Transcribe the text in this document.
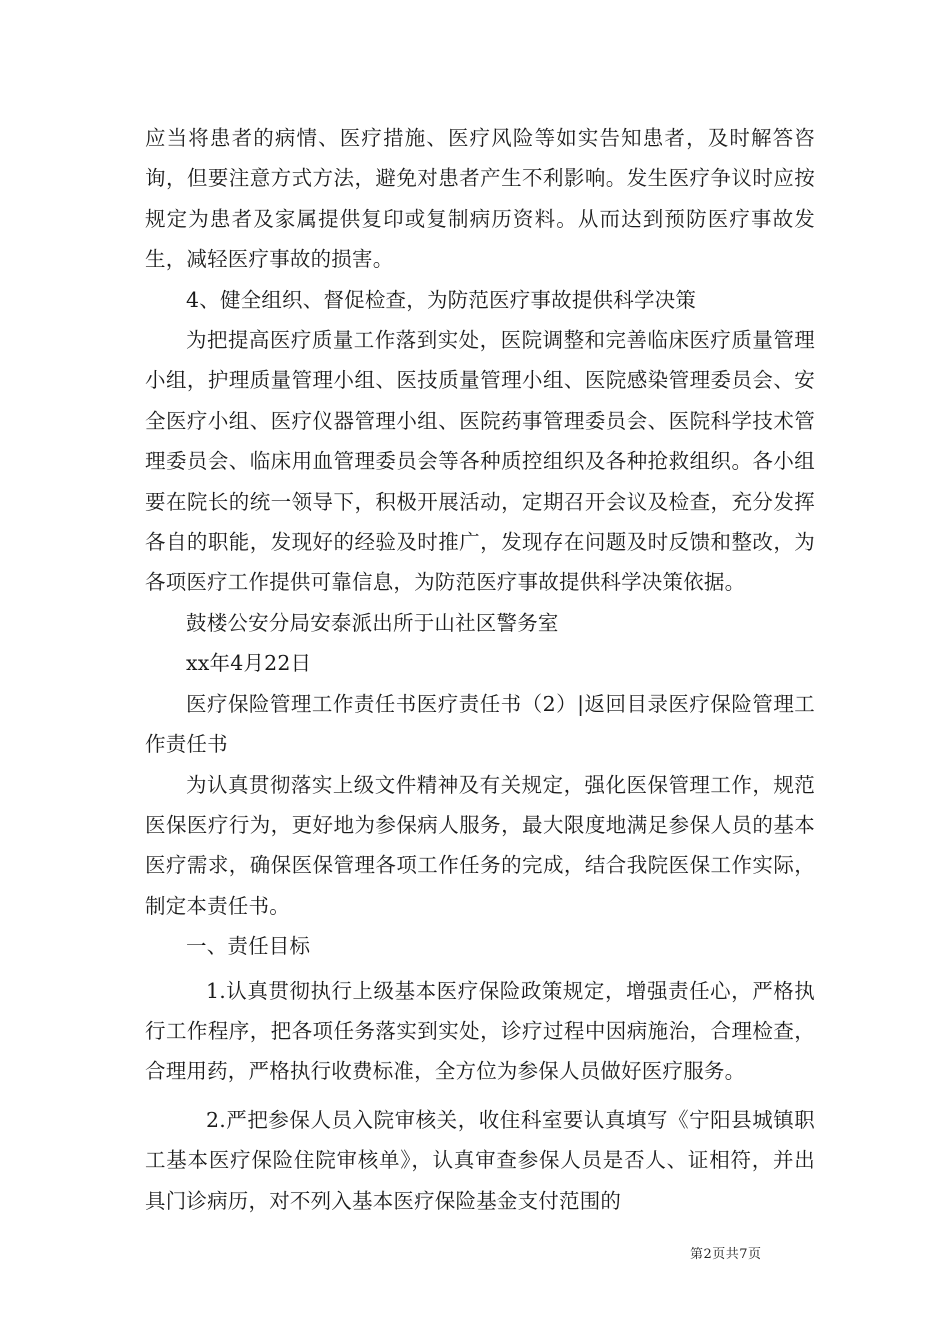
应当将患者的病情、医疗措施、医疗风险等如实告知患者，及时解答咨询，但要注意方式方法，避免对患者产生不利影响。发生医疗争议时应按规定为患者及家属提供复印或复制病历资料。从而达到预防医疗事故发生，减轻医疗事故的损害。

4、健全组织、督促检查，为防范医疗事故提供科学决策

为把提高医疗质量工作落到实处，医院调整和完善临床医疗质量管理小组，护理质量管理小组、医技质量管理小组、医院感染管理委员会、安全医疗小组、医疗仪器管理小组、医院药事管理委员会、医院科学技术管理委员会、临床用血管理委员会等各种质控组织及各种抢救组织。各小组要在院长的统一领导下，积极开展活动，定期召开会议及检查，充分发挥各自的职能，发现好的经验及时推广，发现存在问题及时反馈和整改，为各项医疗工作提供可靠信息，为防范医疗事故提供科学决策依据。

鼓楼公安分局安泰派出所于山社区警务室

xx年4月22日

医疗保险管理工作责任书医疗责任书（2）|返回目录医疗保险管理工作责任书

为认真贯彻落实上级文件精神及有关规定，强化医保管理工作，规范医保医疗行为，更好地为参保病人服务，最大限度地满足参保人员的基本医疗需求，确保医保管理各项工作任务的完成，结合我院医保工作实际，制定本责任书。

一、责任目标

1.认真贯彻执行上级基本医疗保险政策规定，增强责任心，严格执行工作程序，把各项任务落实到实处，诊疗过程中因病施治，合理检查，合理用药，严格执行收费标准，全方位为参保人员做好医疗服务。

2.严把参保人员入院审核关，收住科室要认真填写《宁阳县城镇职工基本医疗保险住院审核单》，认真审查参保人员是否人、证相符，并出具门诊病历，对不列入基本医疗保险基金支付范围的

第2页共7页
